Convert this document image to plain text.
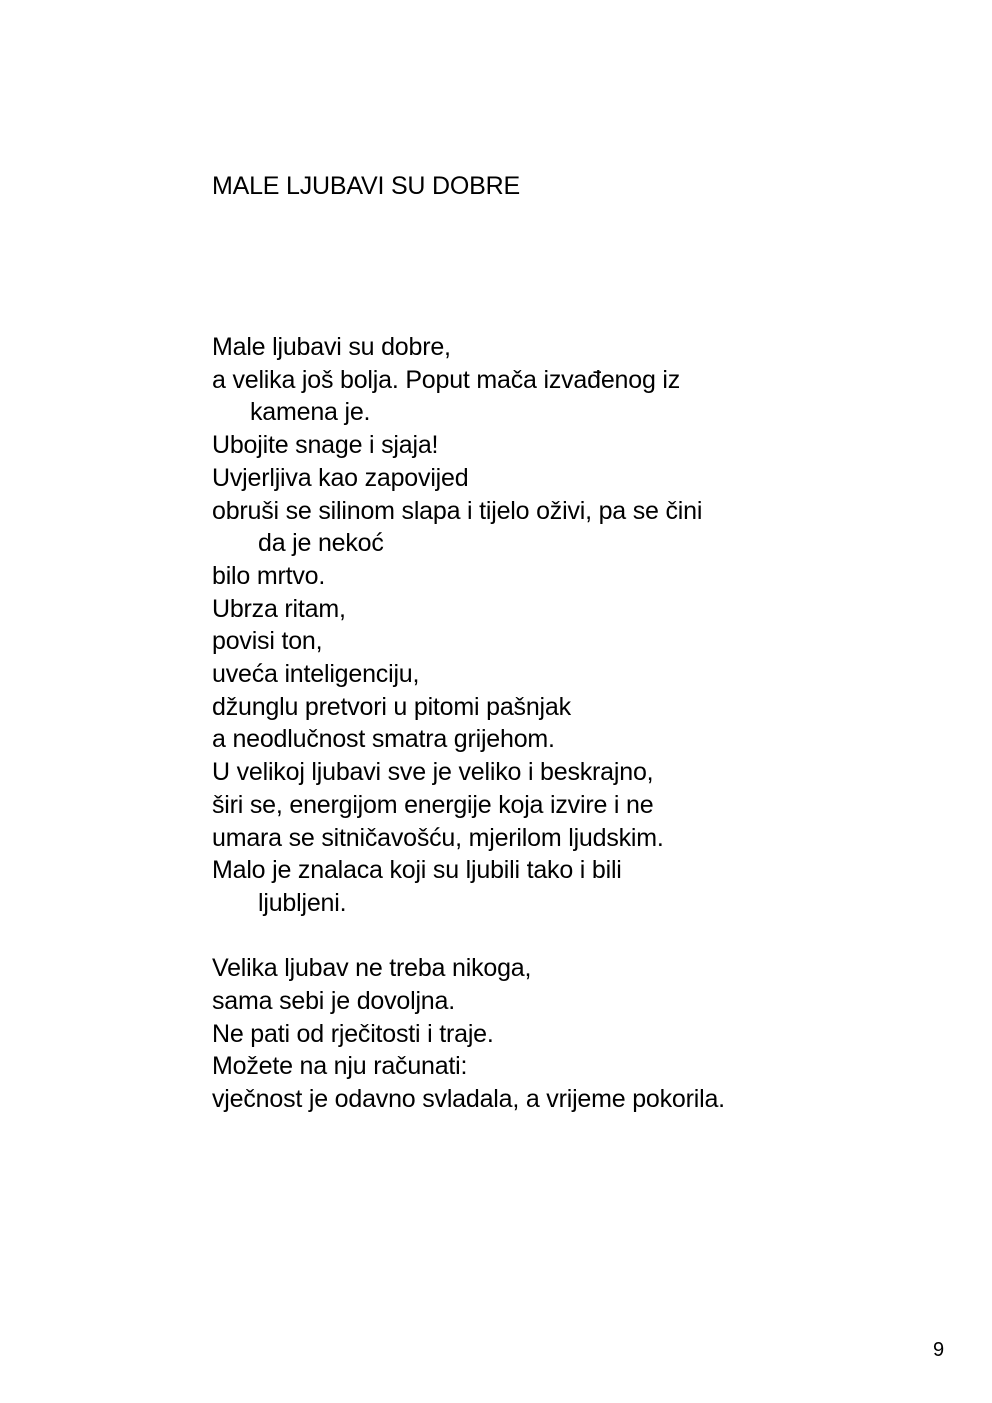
MALE LJUBAVI SU DOBRE
Male ljubavi su dobre,
a velika još bolja. Poput mača izvađenog iz
kamena je.
Ubojite snage i sjaja!
Uvjerljiva kao zapovijed
obruši se silinom slapa i tijelo oživi, pa se čini
da je nekoć
bilo mrtvo.
Ubrza ritam,
povisi ton,
uveća inteligenciju,
džunglu pretvori u pitomi pašnjak
a neodlučnost smatra grijehom.
U velikoj ljubavi sve je veliko i beskrajno,
širi se, energijom energije koja izvire i ne
umara se sitničavošću, mjerilom ljudskim.
Malo je znalaca koji su ljubili tako i bili
ljubljeni.
Velika ljubav ne treba nikoga,
sama sebi je dovoljna.
Ne pati od rječitosti i traje.
Možete na nju računati:
vječnost je odavno svladala, a vrijeme pokorila.
9
